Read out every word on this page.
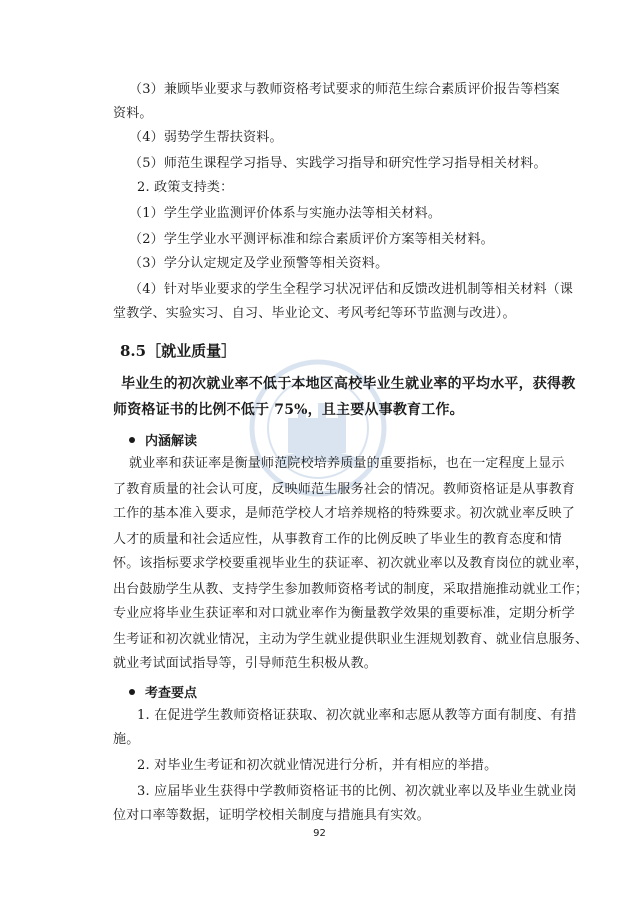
（3）兼顾毕业要求与教师资格考试要求的师范生综合素质评价报告等档案
资料。
（4）弱势学生帮扶资料。
（5）师范生课程学习指导、实践学习指导和研究性学习指导相关材料。
2. 政策支持类：
（1）学生学业监测评价体系与实施办法等相关材料。
（2）学生学业水平测评标准和综合素质评价方案等相关材料。
（3）学分认定规定及学业预警等相关资料。
（4）针对毕业要求的学生全程学习状况评估和反馈改进机制等相关材料（课
堂教学、实验实习、自习、毕业论文、考风考纪等环节监测与改进）。
8.5［就业质量］
毕业生的初次就业率不低于本地区高校毕业生就业率的平均水平，获得教
师资格证书的比例不低于 75%，且主要从事教育工作。
内涵解读
就业率和获证率是衡量师范院校培养质量的重要指标，也在一定程度上显示
了教育质量的社会认可度，反映师范生服务社会的情况。教师资格证是从事教育
工作的基本准入要求，是师范学校人才培养规格的特殊要求。初次就业率反映了
人才的质量和社会适应性，从事教育工作的比例反映了毕业生的教育态度和情
怀。该指标要求学校要重视毕业生的获证率、初次就业率以及教育岗位的就业率，
出台鼓励学生从教、支持学生参加教师资格考试的制度，采取措施推动就业工作；
专业应将毕业生获证率和对口就业率作为衡量教学效果的重要标准，定期分析学
生考证和初次就业情况，主动为学生就业提供职业生涯规划教育、就业信息服务、
就业考试面试指导等，引导师范生积极从教。
考查要点
1. 在促进学生教师资格证获取、初次就业率和志愿从教等方面有制度、有措
施。
2. 对毕业生考证和初次就业情况进行分析，并有相应的举措。
3. 应届毕业生获得中学教师资格证书的比例、初次就业率以及毕业生就业岗
位对口率等数据，证明学校相关制度与措施具有实效。
92
